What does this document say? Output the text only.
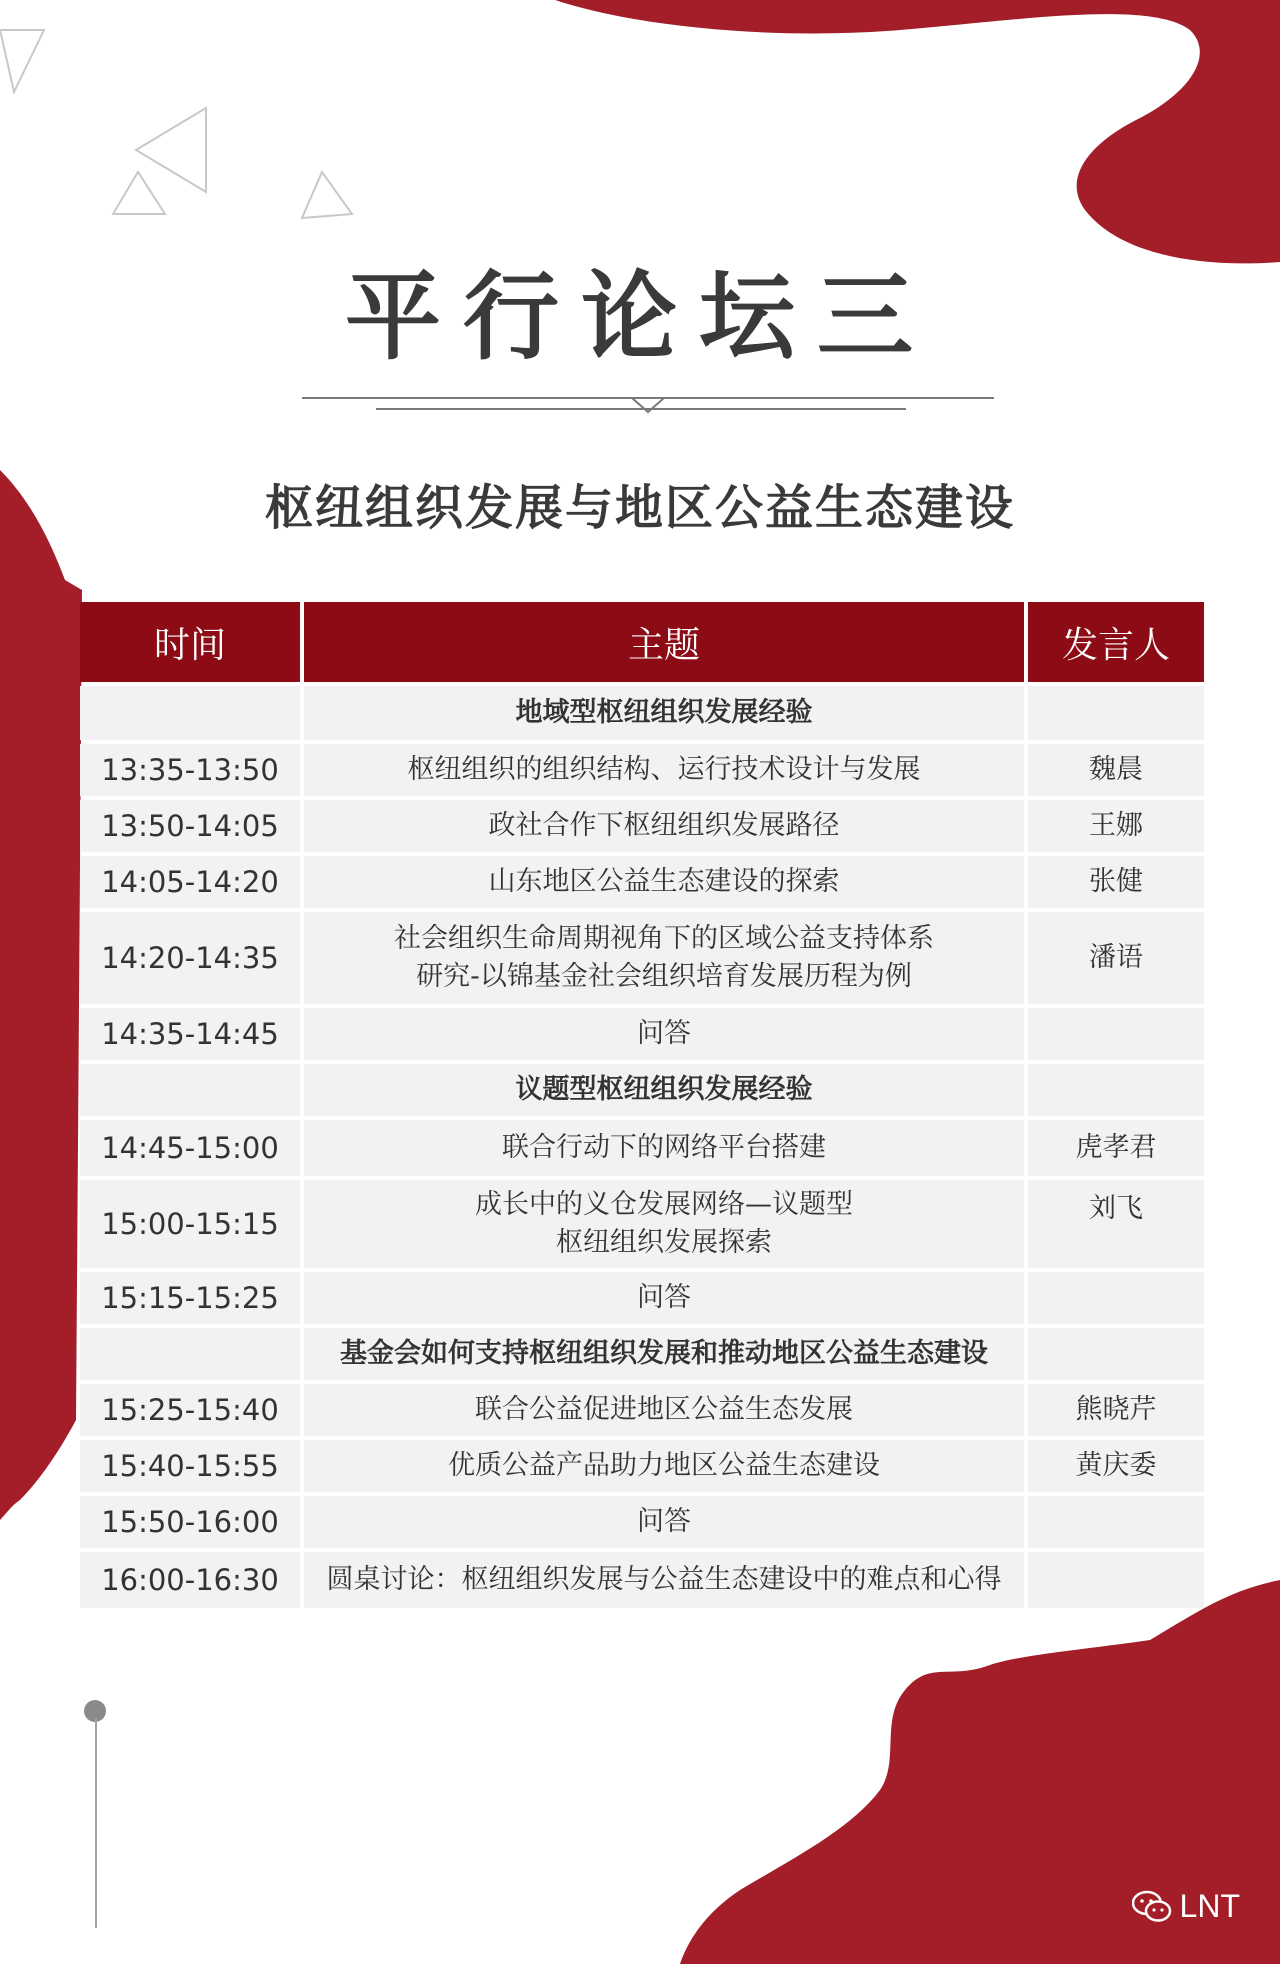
平行论坛三
枢纽组织发展与地区公益生态建设
时间	主题	发言人
	地域型枢纽组织发展经验	
13:35-13:50	枢纽组织的组织结构、运行技术设计与发展	魏晨
13:50-14:05	政社合作下枢纽组织发展路径	王娜
14:05-14:20	山东地区公益生态建设的探索	张健
14:20-14:35	社会组织生命周期视角下的区域公益支持体系
研究-以锦基金社会组织培育发展历程为例	潘语
14:35-14:45	问答	
	议题型枢纽组织发展经验	
14:45-15:00	联合行动下的网络平台搭建	虎孝君
15:00-15:15	成长中的义仓发展网络—议题型
枢纽组织发展探索	刘飞
15:15-15:25	问答	
	基金会如何支持枢纽组织发展和推动地区公益生态建设	
15:25-15:40	联合公益促进地区公益生态发展	熊晓芹
15:40-15:55	优质公益产品助力地区公益生态建设	黄庆委
15:50-16:00	问答	
16:00-16:30	圆桌讨论：枢纽组织发展与公益生态建设中的难点和心得	
LNT
